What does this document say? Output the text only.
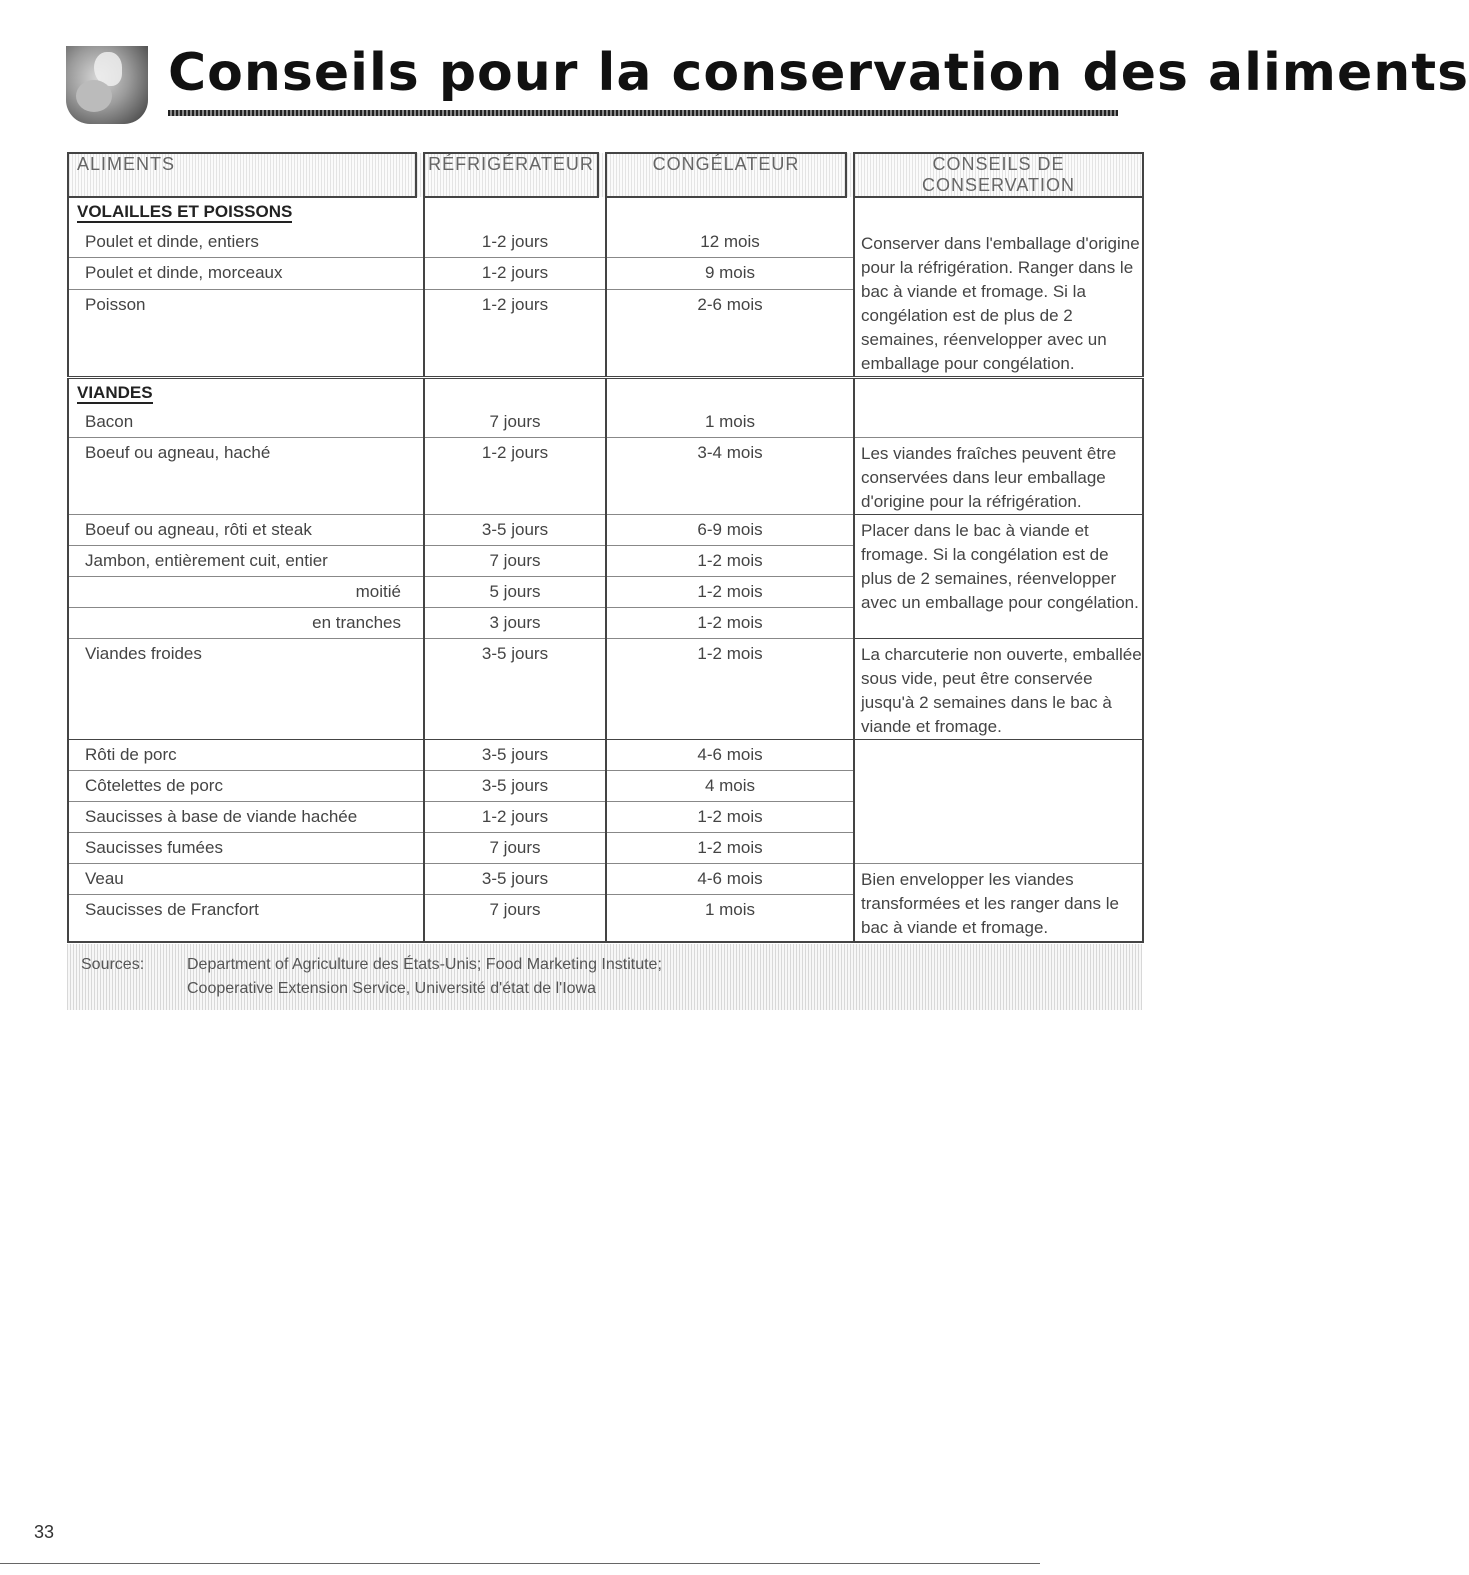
Conseils pour la conservation des aliments
ALIMENTS		RÉFRIGÉRATEUR		CONGÉLATEUR		CONSEILS DE CONSERVATION
VOLAILLES ET POISSONS						Conserver dans l'emballage d'origine pour la réfrigération. Ranger dans le bac à viande et fromage. Si la congélation est de plus de 2 semaines, réenvelopper avec un emballage pour congélation.
Poulet et dinde, entiers		1-2 jours		12 mois		
Poulet et dinde, morceaux		1-2 jours		9 mois		
Poisson		1-2 jours		2-6 mois		
VIANDES						
Bacon		7 jours		1 mois		
Boeuf ou agneau, haché		1-2 jours		3-4 mois		Les viandes fraîches peuvent être conservées dans leur emballage d'origine pour la réfrigération.
Boeuf ou agneau, rôti et steak		3-5 jours		6-9 mois		Placer dans le bac à viande et fromage. Si la congélation est de plus de 2 semaines, réenvelopper avec un emballage pour congélation.
Jambon, entièrement cuit, entier		7 jours		1-2 mois		
moitié		5 jours		1-2 mois		
en tranches		3 jours		1-2 mois		
Viandes froides		3-5 jours		1-2 mois		La charcuterie non ouverte, emballée sous vide, peut être conservée jusqu'à 2 semaines dans le bac à viande et fromage.
Rôti de porc		3-5 jours		4-6 mois		
Côtelettes de porc		3-5 jours		4 mois		
Saucisses à base de viande hachée		1-2 jours		1-2 mois		
Saucisses fumées		7 jours		1-2 mois		
Veau		3-5 jours		4-6 mois		Bien envelopper les viandes transformées et les ranger dans le bac à viande et fromage.
Saucisses de Francfort		7 jours		1 mois		
Sources:	Department of Agriculture des États-Unis; Food Marketing Institute;
Cooperative Extension Service, Université d'état de l'Iowa
33
